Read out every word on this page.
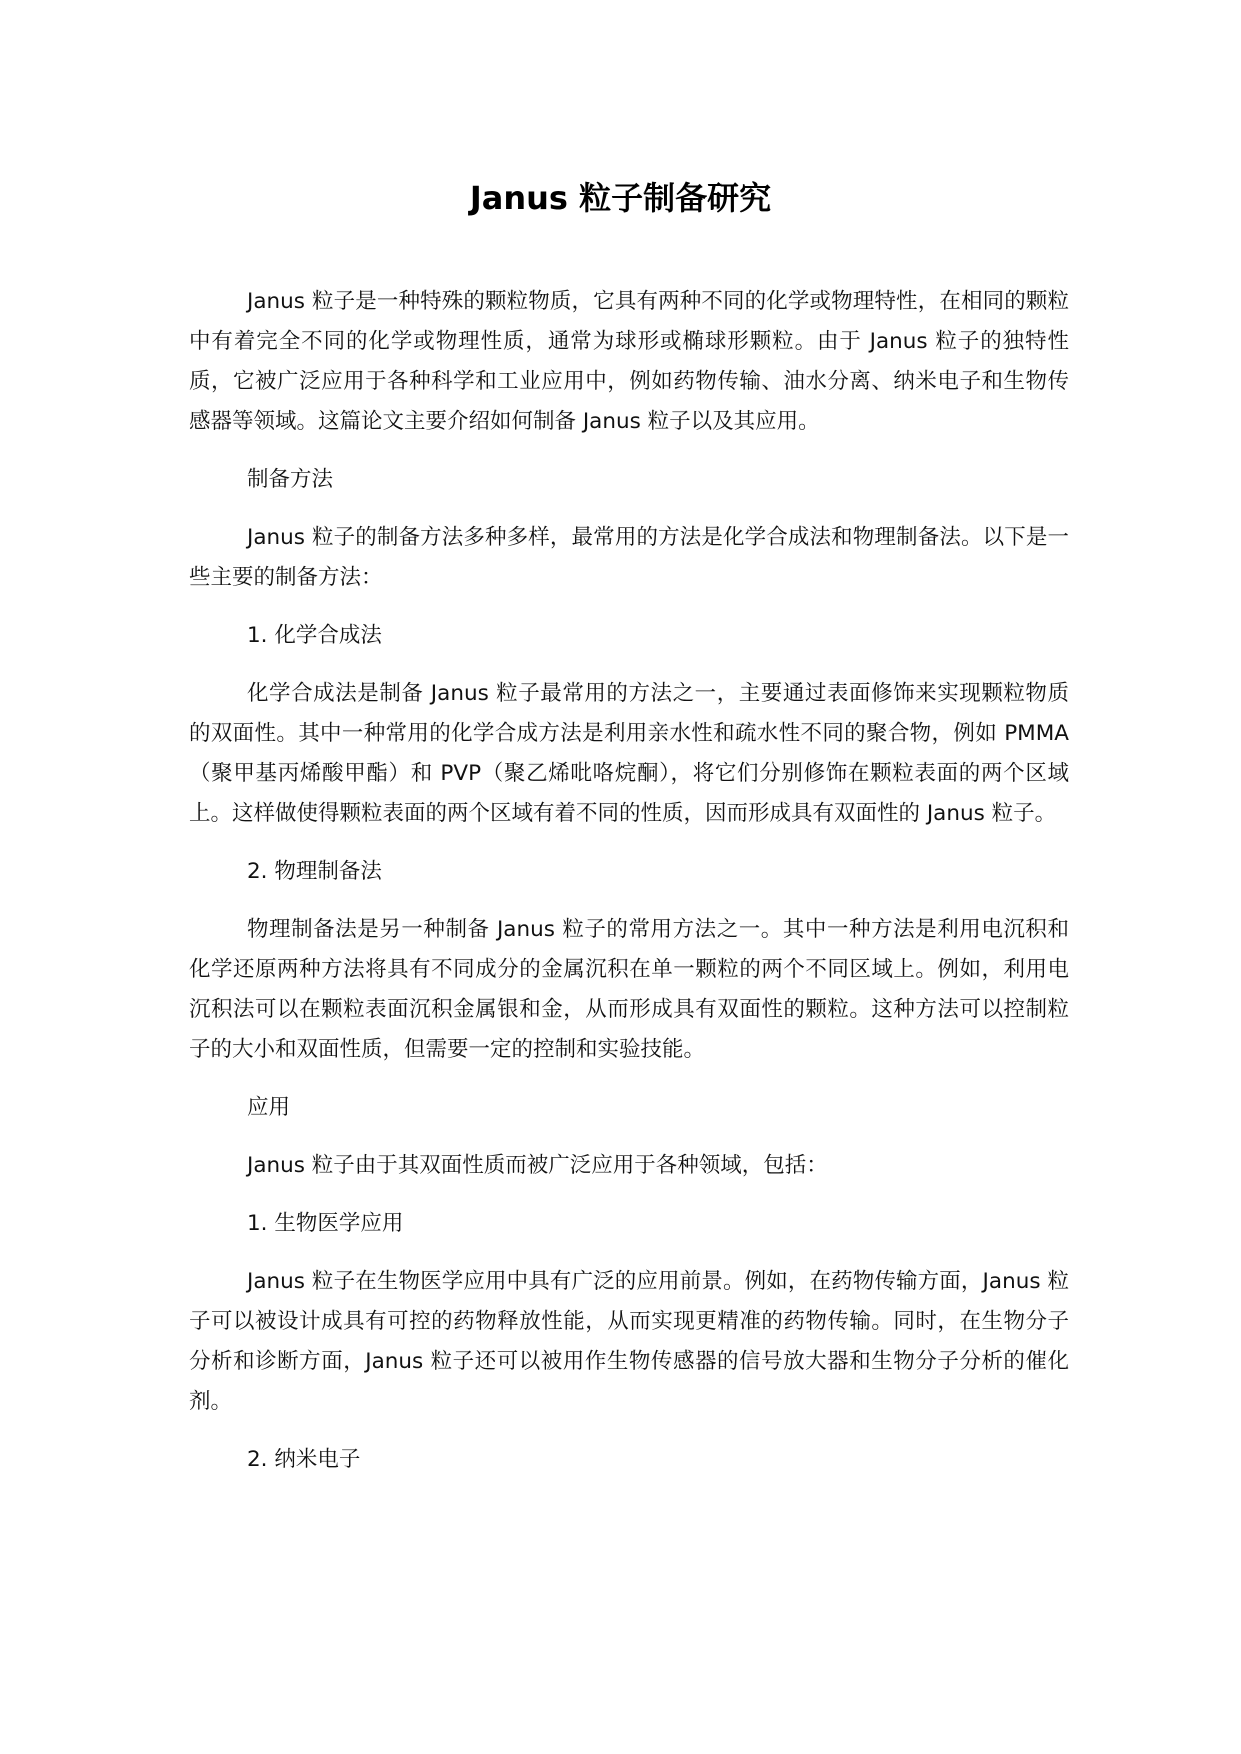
Janus 粒子制备研究

Janus 粒子是一种特殊的颗粒物质，它具有两种不同的化学或物理特性，在相同的颗粒中有着完全不同的化学或物理性质，通常为球形或椭球形颗粒。由于 Janus 粒子的独特性质，它被广泛应用于各种科学和工业应用中，例如药物传输、油水分离、纳米电子和生物传感器等领域。这篇论文主要介绍如何制备 Janus 粒子以及其应用。

制备方法

Janus 粒子的制备方法多种多样，最常用的方法是化学合成法和物理制备法。以下是一些主要的制备方法：

1. 化学合成法

化学合成法是制备 Janus 粒子最常用的方法之一，主要通过表面修饰来实现颗粒物质的双面性。其中一种常用的化学合成方法是利用亲水性和疏水性不同的聚合物，例如 PMMA（聚甲基丙烯酸甲酯）和 PVP（聚乙烯吡咯烷酮），将它们分别修饰在颗粒表面的两个区域上。这样做使得颗粒表面的两个区域有着不同的性质，因而形成具有双面性的 Janus 粒子。

2. 物理制备法

物理制备法是另一种制备 Janus 粒子的常用方法之一。其中一种方法是利用电沉积和化学还原两种方法将具有不同成分的金属沉积在单一颗粒的两个不同区域上。例如，利用电沉积法可以在颗粒表面沉积金属银和金，从而形成具有双面性的颗粒。这种方法可以控制粒子的大小和双面性质，但需要一定的控制和实验技能。

应用

Janus 粒子由于其双面性质而被广泛应用于各种领域，包括：

1. 生物医学应用

Janus 粒子在生物医学应用中具有广泛的应用前景。例如，在药物传输方面，Janus 粒子可以被设计成具有可控的药物释放性能，从而实现更精准的药物传输。同时，在生物分子分析和诊断方面，Janus 粒子还可以被用作生物传感器的信号放大器和生物分子分析的催化剂。

2. 纳米电子
